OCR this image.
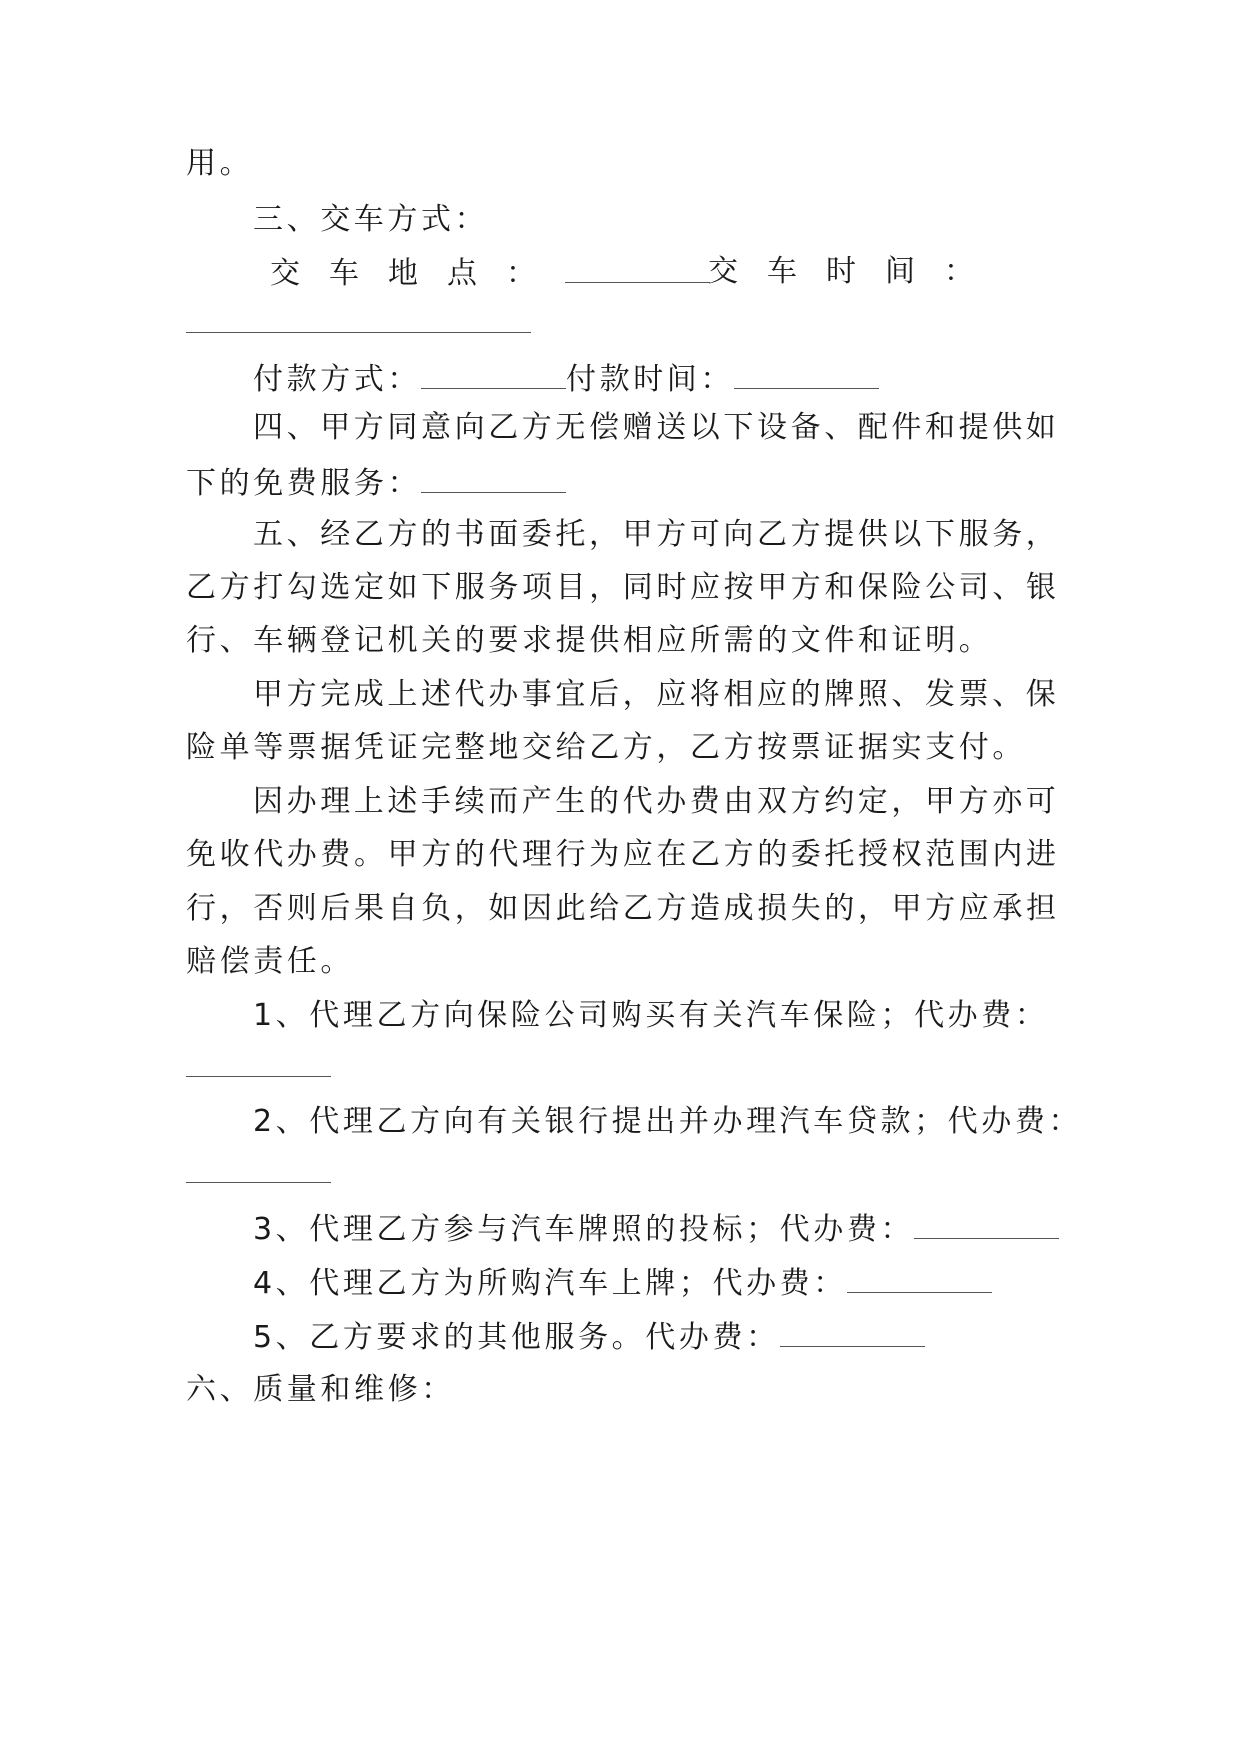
用。
三、交车方式：
交车地点：	交车时间：
付款方式：	付款时间：
四、甲方同意向乙方无偿赠送以下设备、配件和提供如
下的免费服务：
五、经乙方的书面委托，甲方可向乙方提供以下服务，
乙方打勾选定如下服务项目，同时应按甲方和保险公司、银
行、车辆登记机关的要求提供相应所需的文件和证明。
甲方完成上述代办事宜后，应将相应的牌照、发票、保
险单等票据凭证完整地交给乙方，乙方按票证据实支付。
因办理上述手续而产生的代办费由双方约定，甲方亦可
免收代办费。甲方的代理行为应在乙方的委托授权范围内进
行，否则后果自负，如因此给乙方造成损失的，甲方应承担
赔偿责任。
1、代理乙方向保险公司购买有关汽车保险；代办费：
2、代理乙方向有关银行提出并办理汽车贷款；代办费：
3、代理乙方参与汽车牌照的投标；代办费：
4、代理乙方为所购汽车上牌；代办费：
5、乙方要求的其他服务。代办费：
六、质量和维修：
